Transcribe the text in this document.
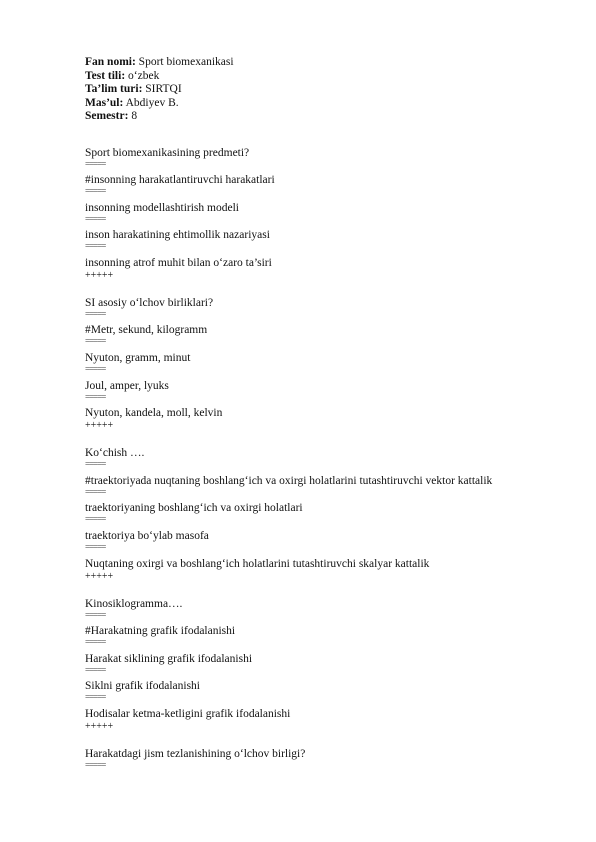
Fan nomi: Sport biomexanikasi
Test tili: o‘zbek
Ta’lim turi: SIRTQI
Mas’ul: Abdiyev B.
Semestr: 8
Sport biomexanikasining predmeti?
=====
#insonning harakatlantiruvchi harakatlari
=====
insonning modellashtirish modeli
=====
inson harakatining ehtimollik nazariyasi
=====
insonning atrof muhit bilan o‘zaro ta’siri
+++++
SI asosiy o‘lchov birliklari?
=====
#Metr, sekund, kilogramm
=====
Nyuton, gramm, minut
=====
Joul, amper, lyuks
=====
Nyuton, kandela, moll, kelvin
+++++
Ko‘chish ….
=====
#traektoriyada nuqtaning boshlang‘ich va oxirgi holatlarini tutashtiruvchi vektor kattalik
=====
traektoriyaning boshlang‘ich va oxirgi holatlari
=====
traektoriya bo‘ylab masofa
=====
Nuqtaning oxirgi va boshlang‘ich holatlarini tutashtiruvchi skalyar kattalik
+++++
Kinosiklogramma….
=====
#Harakatning grafik ifodalanishi
=====
Harakat siklining grafik ifodalanishi
=====
Siklni grafik ifodalanishi
=====
Hodisalar ketma-ketligini grafik ifodalanishi
+++++
Harakatdagi jism tezlanishining o‘lchov birligi?
=====
